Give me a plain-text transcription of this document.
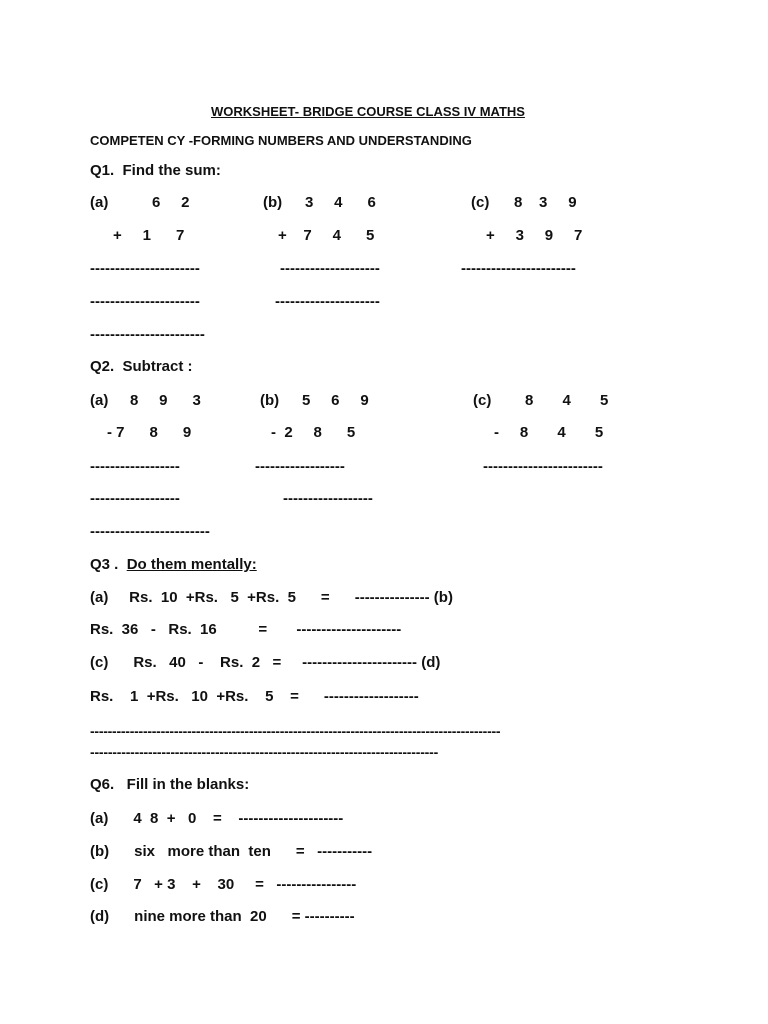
WORKSHEET- BRIDGE COURSE CLASS IV MATHS
COMPETEN CY -FORMING NUMBERS AND UNDERSTANDING
Q1.  Find the sum:
(a)	6     2	(b) 3     4      6	(c) 8    3     9
+     1      7	+    7     4      5	+     3     9     7
----------------------	--------------------	-----------------------
----------------------	---------------------
-----------------------
Q2.  Subtract :
(a) 8     9      3	(b) 5     6     9	(c) 8       4       5
- 7      8      9	-  2     8      5	-     8       4       5
------------------	------------------	------------------------
------------------	------------------
------------------------
Q3 . Do them mentally:
(a)     Rs.  10  +Rs.   5  +Rs.  5      =      --------------- (b)
Rs.  36   -   Rs.  16          =       ---------------------
(c)      Rs.   40   -    Rs.  2   =     ----------------------- (d)
Rs.    1  +Rs.   10  +Rs.    5    =      -------------------
---------------------------------------------------------------------------------------------
------------------------------------------------------------------------------
Q6.   Fill in the blanks:
(a)      4  8  +   0    =    ---------------------
(b)      six   more than  ten      =   -----------
(c)      7   + 3    +    30     =   ----------------
(d)      nine more than  20      = ----------
